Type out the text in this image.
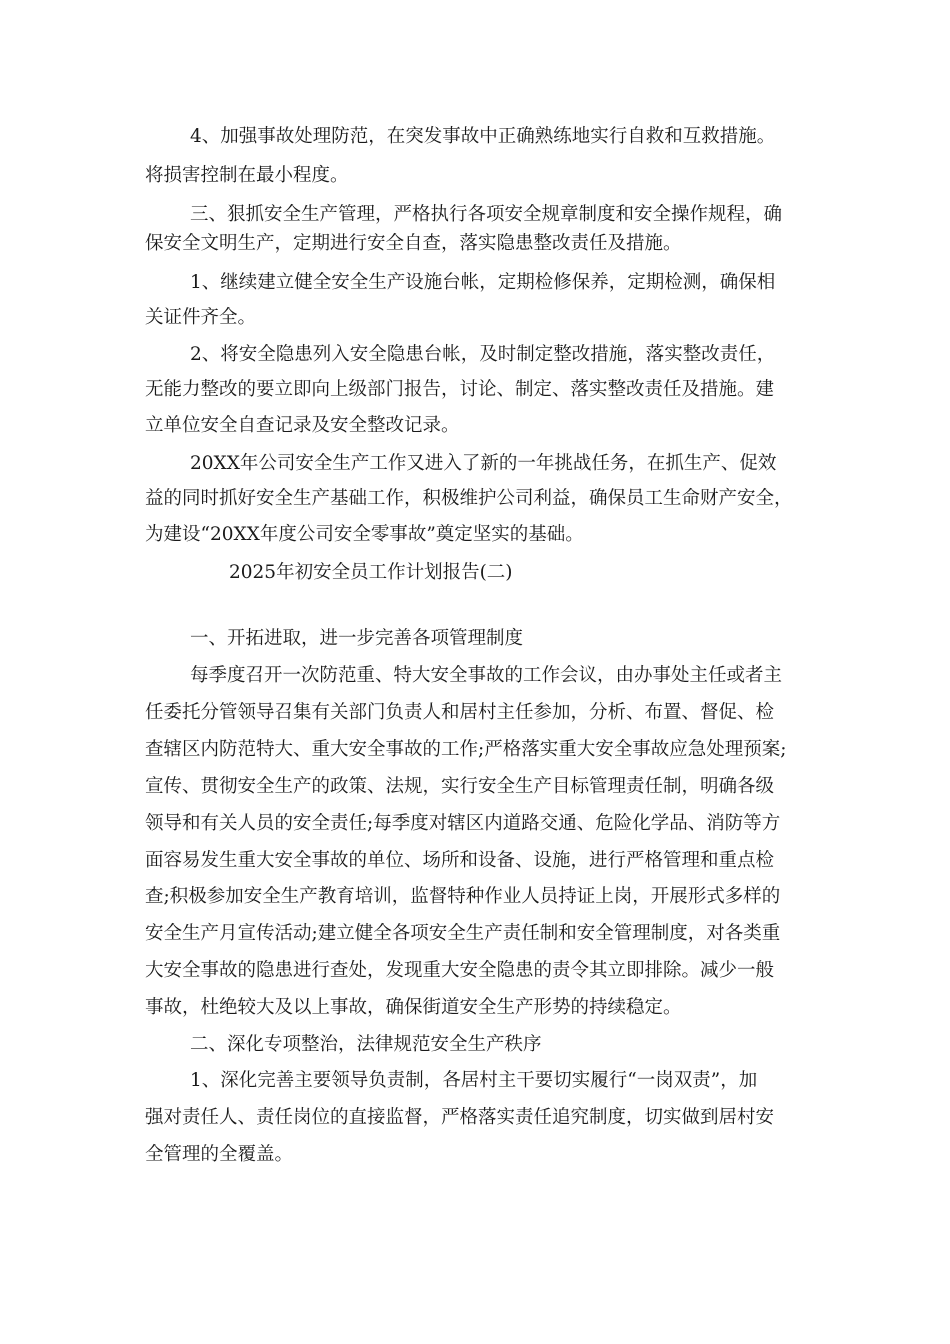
4、加强事故处理防范，在突发事故中正确熟练地实行自救和互救措施。

将损害控制在最小程度。

三、狠抓安全生产管理，严格执行各项安全规章制度和安全操作规程，确

保安全文明生产，定期进行安全自查，落实隐患整改责任及措施。

1、继续建立健全安全生产设施台帐，定期检修保养，定期检测，确保相

关证件齐全。

2、将安全隐患列入安全隐患台帐，及时制定整改措施，落实整改责任，

无能力整改的要立即向上级部门报告，讨论、制定、落实整改责任及措施。建

立单位安全自查记录及安全整改记录。

20XX年公司安全生产工作又进入了新的一年挑战任务，在抓生产、促效

益的同时抓好安全生产基础工作，积极维护公司利益，确保员工生命财产安全，

为建设“20XX年度公司安全零事故”奠定坚实的基础。

2025年初安全员工作计划报告(二)

一、开拓进取，进一步完善各项管理制度

每季度召开一次防范重、特大安全事故的工作会议，由办事处主任或者主

任委托分管领导召集有关部门负责人和居村主任参加，分析、布置、督促、检

查辖区内防范特大、重大安全事故的工作;严格落实重大安全事故应急处理预案;

宣传、贯彻安全生产的政策、法规，实行安全生产目标管理责任制，明确各级

领导和有关人员的安全责任;每季度对辖区内道路交通、危险化学品、消防等方

面容易发生重大安全事故的单位、场所和设备、设施，进行严格管理和重点检

查;积极参加安全生产教育培训，监督特种作业人员持证上岗，开展形式多样的

安全生产月宣传活动;建立健全各项安全生产责任制和安全管理制度，对各类重

大安全事故的隐患进行查处，发现重大安全隐患的责令其立即排除。减少一般

事故，杜绝较大及以上事故，确保街道安全生产形势的持续稳定。

二、深化专项整治，法律规范安全生产秩序

1、深化完善主要领导负责制，各居村主干要切实履行“一岗双责”，加

强对责任人、责任岗位的直接监督，严格落实责任追究制度，切实做到居村安

全管理的全覆盖。
